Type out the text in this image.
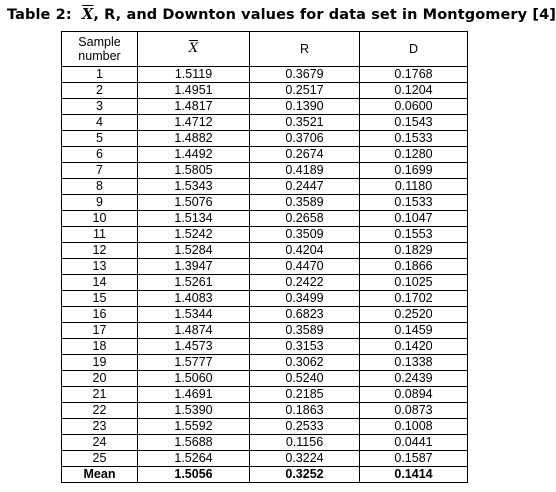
Table 2: $\overline{X}$, R, and Downton values for data set in Montgomery [4]
Sample
number	$\overline{X}$	R	D
1	1.5119	0.3679	0.1768
2	1.4951	0.2517	0.1204
3	1.4817	0.1390	0.0600
4	1.4712	0.3521	0.1543
5	1.4882	0.3706	0.1533
6	1.4492	0.2674	0.1280
7	1.5805	0.4189	0.1699
8	1.5343	0.2447	0.1180
9	1.5076	0.3589	0.1533
10	1.5134	0.2658	0.1047
11	1.5242	0.3509	0.1553
12	1.5284	0.4204	0.1829
13	1.3947	0.4470	0.1866
14	1.5261	0.2422	0.1025
15	1.4083	0.3499	0.1702
16	1.5344	0.6823	0.2520
17	1.4874	0.3589	0.1459
18	1.4573	0.3153	0.1420
19	1.5777	0.3062	0.1338
20	1.5060	0.5240	0.2439
21	1.4691	0.2185	0.0894
22	1.5390	0.1863	0.0873
23	1.5592	0.2533	0.1008
24	1.5688	0.1156	0.0441
25	1.5264	0.3224	0.1587
Mean	1.5056	0.3252	0.1414
